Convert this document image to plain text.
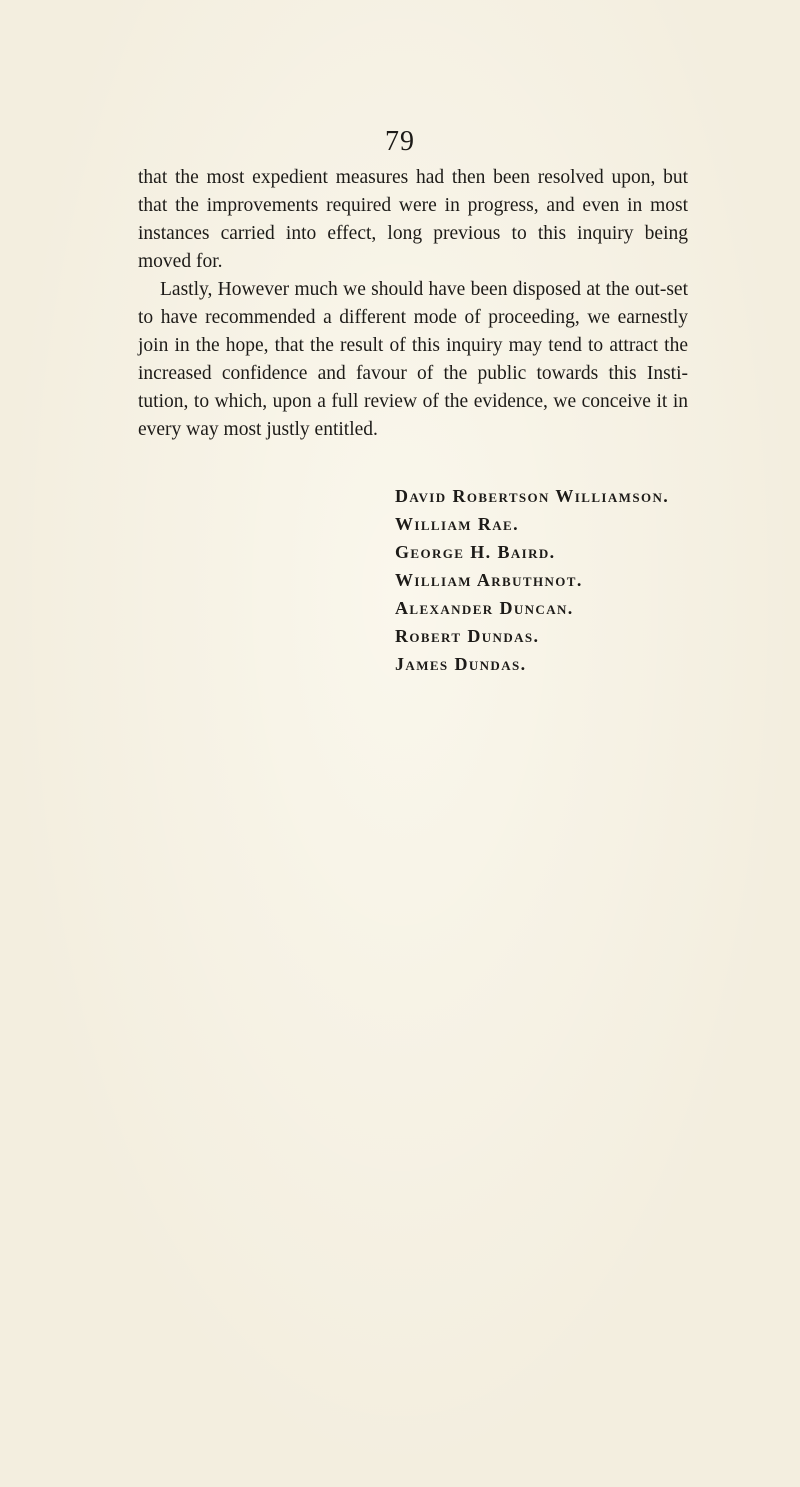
79

that the most expedient measures had then been resolved upon, but that the improvements required were in progress, and even in most instances carried into effect, long previous to this inquiry being moved for.

Lastly, However much we should have been disposed at the out-set to have recommended a different mode of proceeding, we earnestly join in the hope, that the result of this inquiry may tend to attract the increased confidence and favour of the public towards this Insti-tution, to which, upon a full review of the evidence, we conceive it in every way most justly entitled.

David Robertson Williamson.
William Rae.
George H. Baird.
William Arbuthnot.
Alexander Duncan.
Robert Dundas.
James Dundas.
